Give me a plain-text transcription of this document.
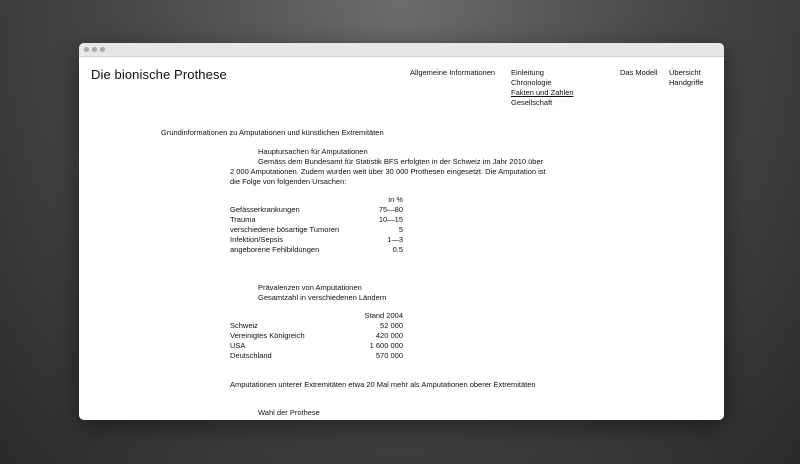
Die bionische Prothese	Allgemeine Informationen Einleitung
Chronologie
Fakten und Zahlen
Gesellschaft
Das Modell Übersicht
Handgriffe
Grundinformationen zu Amputationen und künstlichen Extremitäten
Hauptursachen für Amputationen
Gemäss dem Bundesamt für Statistik BFS erfolgten in der Schweiz im Jahr 2010 über
2 000 Amputationen. Zudem wurden weit über 30 000 Prothesen eingesetzt. Die Amputation ist
die Folge von folgenden Ursachen:
in %
Gefässerkrankungen	75—80
Trauma	10—15
verschiedene bösartige Tumoren	5
Infektion/Sepsis	1—3
angeborene Fehlbildungen	0.5
Prävalenzen von Amputationen
Gesamtzahl in verschiedenen Ländern
Stand 2004
Schweiz	52 000
Vereinigtes Königreich	420 000
USA	1 600 000
Deutschland	570 000
Amputationen unterer Extremitäten etwa 20 Mal mehr als Amputationen oberer Extremitäten
Wahl der Prothese
